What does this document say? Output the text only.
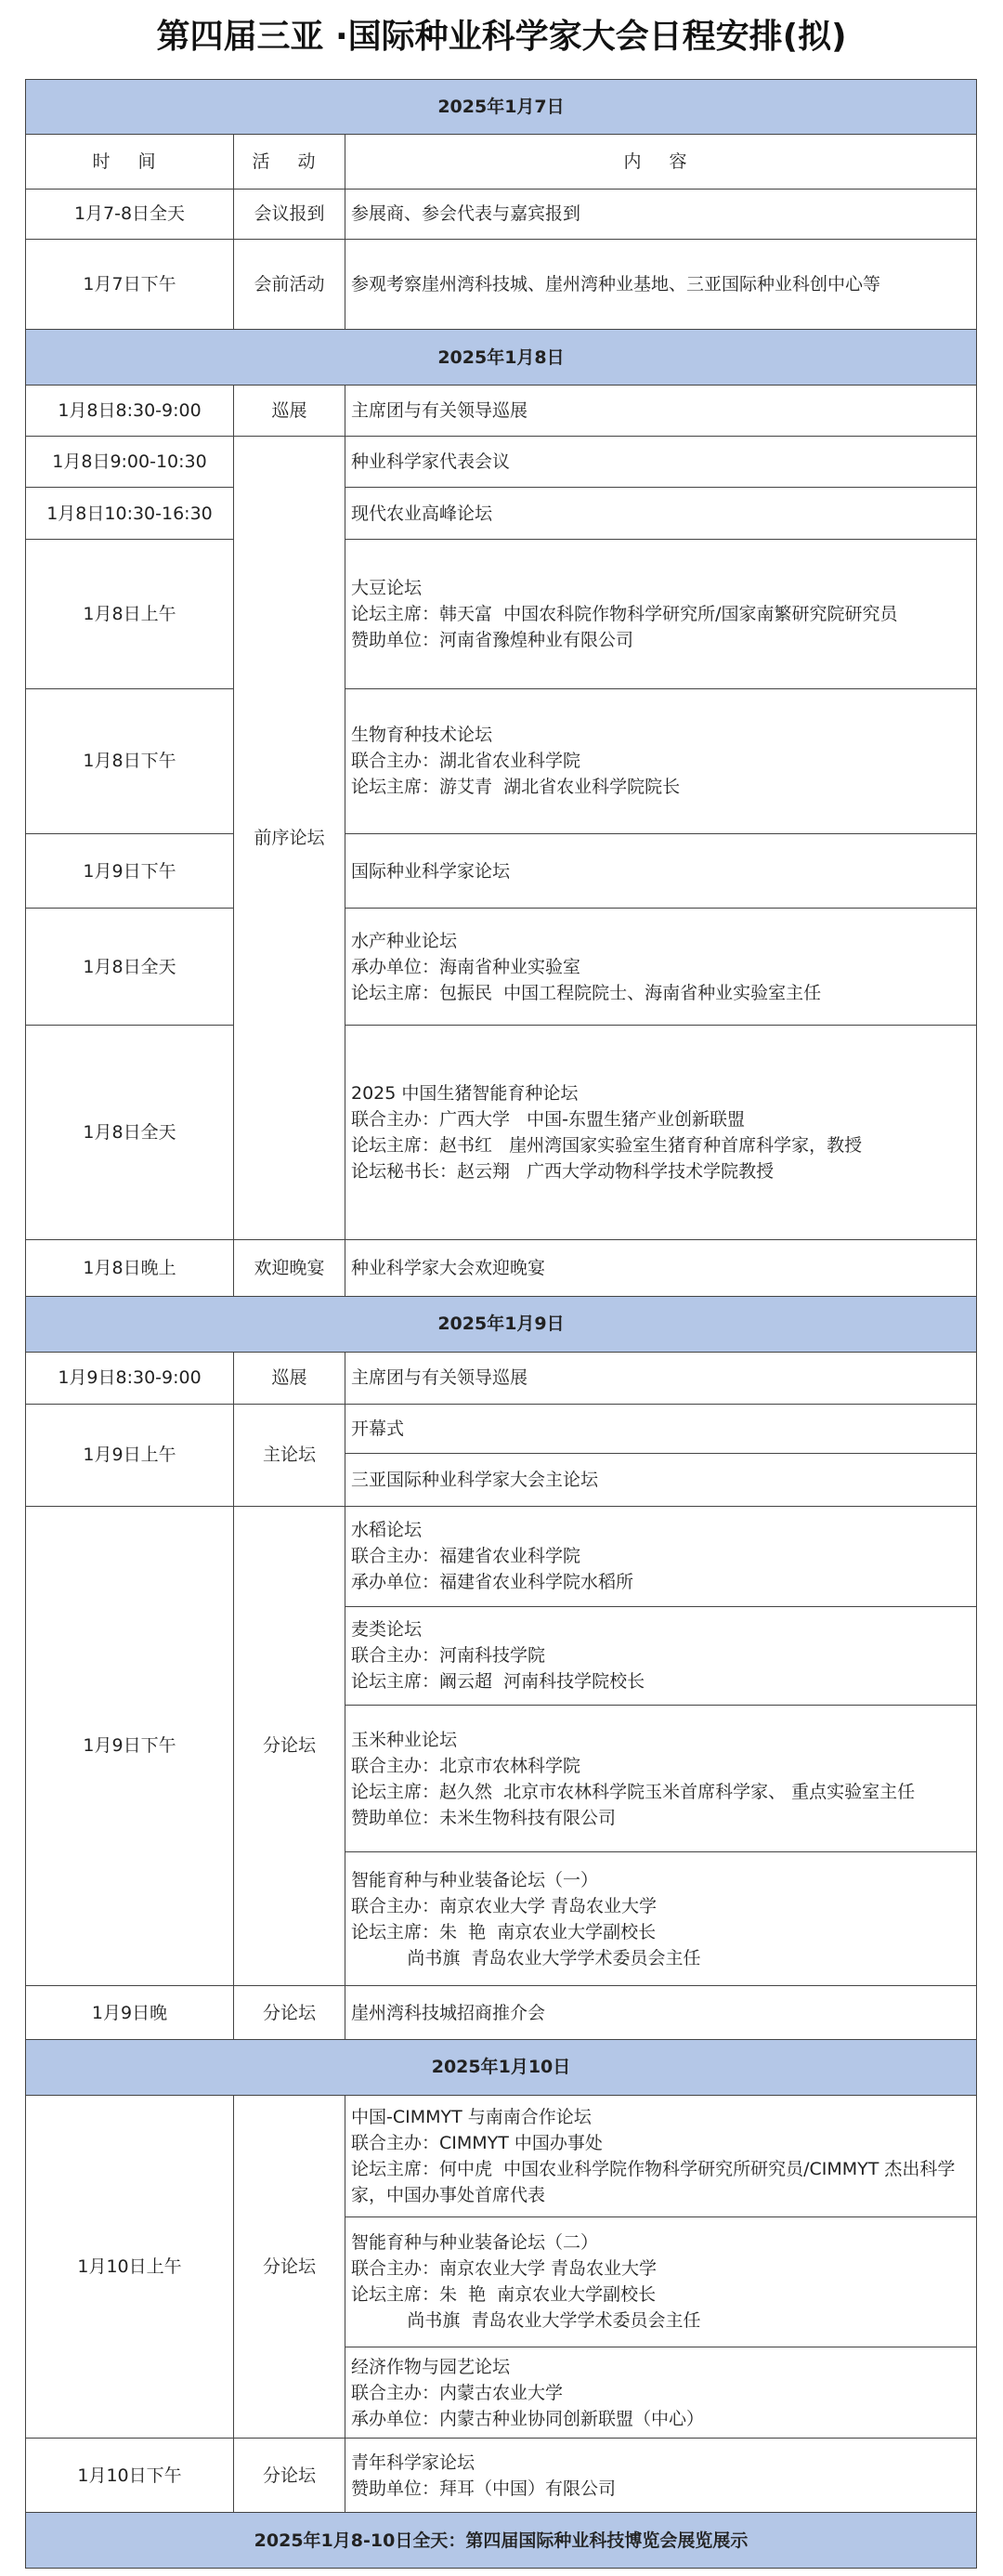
第四届三亚 ·国际种业科学家大会日程安排(拟)
2025年1月7日		
时 间	活 动	内 容
1月7-8日全天	会议报到	参展商、参会代表与嘉宾报到

1月7日下午	会前活动	参观考察崖州湾科技城、崖州湾种业基地、三亚国际种业科创中心等

2025年1月8日		
1月8日8:30-9:00	巡展	主席团与有关领导巡展

1月8日9:00-10:30	前序论坛	种业科学家代表会议

1月8日10:30-16:30		现代农业高峰论坛

1月8日上午		大豆论坛
论坛主席：韩天富  中国农科院作物科学研究所/国家南繁研究院研究员
赞助单位：河南省豫煌种业有限公司

1月8日下午		生物育种技术论坛
联合主办：湖北省农业科学院
论坛主席：游艾青  湖北省农业科学院院长

1月9日下午		国际种业科学家论坛

1月8日全天		水产种业论坛
承办单位：海南省种业实验室
论坛主席：包振民  中国工程院院士、海南省种业实验室主任

1月8日全天		2025 中国生猪智能育种论坛
联合主办：广西大学   中国-东盟生猪产业创新联盟
论坛主席：赵书红   崖州湾国家实验室生猪育种首席科学家，教授
论坛秘书长：赵云翔   广西大学动物科学技术学院教授

1月8日晚上	欢迎晚宴	种业科学家大会欢迎晚宴

2025年1月9日		
1月9日8:30-9:00	巡展	主席团与有关领导巡展

1月9日上午	主论坛	开幕式

		三亚国际种业科学家大会主论坛

1月9日下午	分论坛	水稻论坛
联合主办：福建省农业科学院
承办单位：福建省农业科学院水稻所

		麦类论坛
联合主办：河南科技学院
论坛主席：阚云超  河南科技学院校长

		玉米种业论坛
联合主办：北京市农林科学院
论坛主席：赵久然  北京市农林科学院玉米首席科学家、 重点实验室主任
赞助单位：未米生物科技有限公司

		智能育种与种业装备论坛（一）
联合主办：南京农业大学 青岛农业大学
论坛主席：朱  艳  南京农业大学副校长
尚书旗  青岛农业大学学术委员会主任

1月9日晚	分论坛	崖州湾科技城招商推介会

2025年1月10日		
1月10日上午	分论坛	中国-CIMMYT 与南南合作论坛
联合主办：CIMMYT 中国办事处
论坛主席：何中虎  中国农业科学院作物科学研究所研究员/CIMMYT 杰出科学家，中国办事处首席代表

		智能育种与种业装备论坛（二）
联合主办：南京农业大学 青岛农业大学
论坛主席：朱  艳  南京农业大学副校长
尚书旗  青岛农业大学学术委员会主任

		经济作物与园艺论坛
联合主办：内蒙古农业大学
承办单位：内蒙古种业协同创新联盟（中心）

1月10日下午	分论坛	青年科学家论坛
赞助单位：拜耳（中国）有限公司

2025年1月8-10日全天：第四届国际种业科技博览会展览展示		
